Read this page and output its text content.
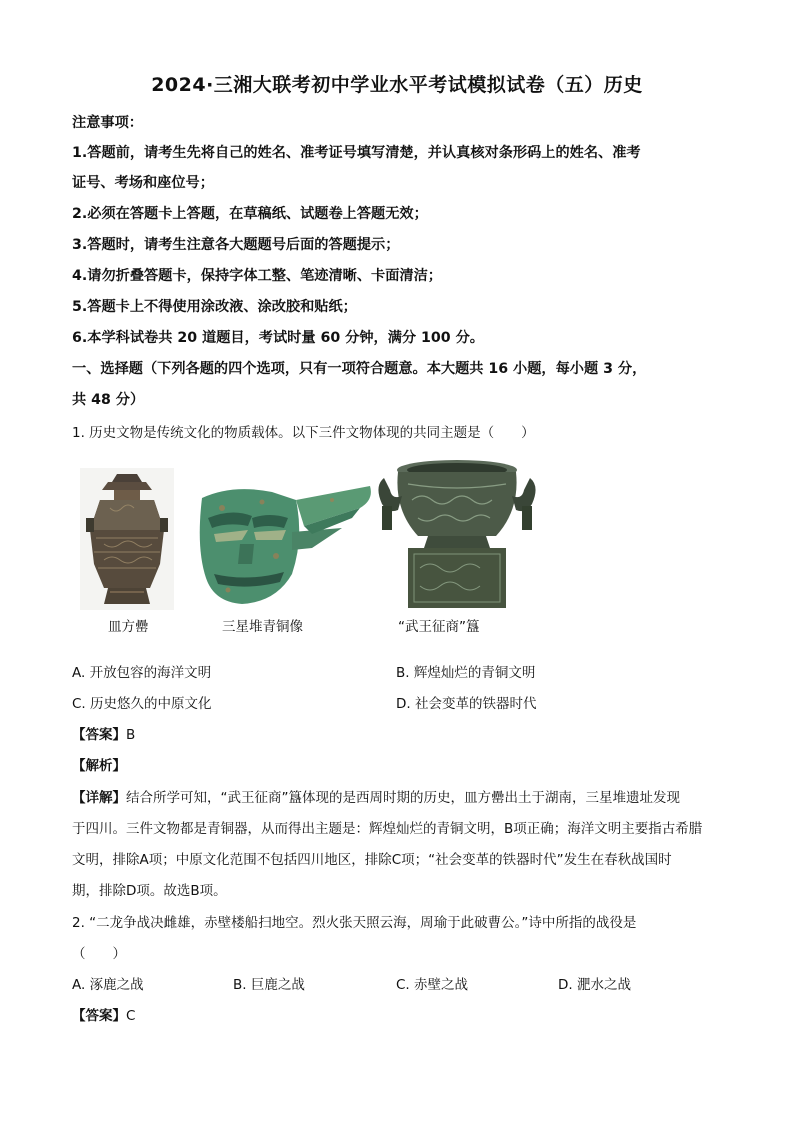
2024·三湘大联考初中学业水平考试模拟试卷（五）历史
注意事项：
1.答题前，请考生先将自己的姓名、准考证号填写清楚，并认真核对条形码上的姓名、准考
证号、考场和座位号；
2.必须在答题卡上答题，在草稿纸、试题卷上答题无效；
3.答题时，请考生注意各大题题号后面的答题提示；
4.请勿折叠答题卡，保持字体工整、笔迹清晰、卡面清洁；
5.答题卡上不得使用涂改液、涂改胶和贴纸；
6.本学科试卷共 20 道题目，考试时量 60 分钟，满分 100 分。
一、选择题（下列各题的四个选项，只有一项符合题意。本大题共 16 小题，每小题 3 分，
共 48 分）
1. 历史文物是传统文化的物质载体。以下三件文物体现的共同主题是（　　）
皿方罍	三星堆青铜像	“武王征商”簋
A. 开放包容的海洋文明	B. 辉煌灿烂的青铜文明
C. 历史悠久的中原文化	D. 社会变革的铁器时代
【答案】B
【解析】
【详解】结合所学可知，“武王征商”簋体现的是西周时期的历史，皿方罍出土于湖南，三星堆遗址发现
于四川。三件文物都是青铜器，从而得出主题是：辉煌灿烂的青铜文明，B项正确；海洋文明主要指古希腊
文明，排除A项；中原文化范围不包括四川地区，排除C项；“社会变革的铁器时代”发生在春秋战国时
期，排除D项。故选B项。
2. “二龙争战决雌雄，赤壁楼船扫地空。烈火张天照云海，周瑜于此破曹公。”诗中所指的战役是
（　　）
A. 涿鹿之战	B. 巨鹿之战	C. 赤壁之战	D. 淝水之战
【答案】C
